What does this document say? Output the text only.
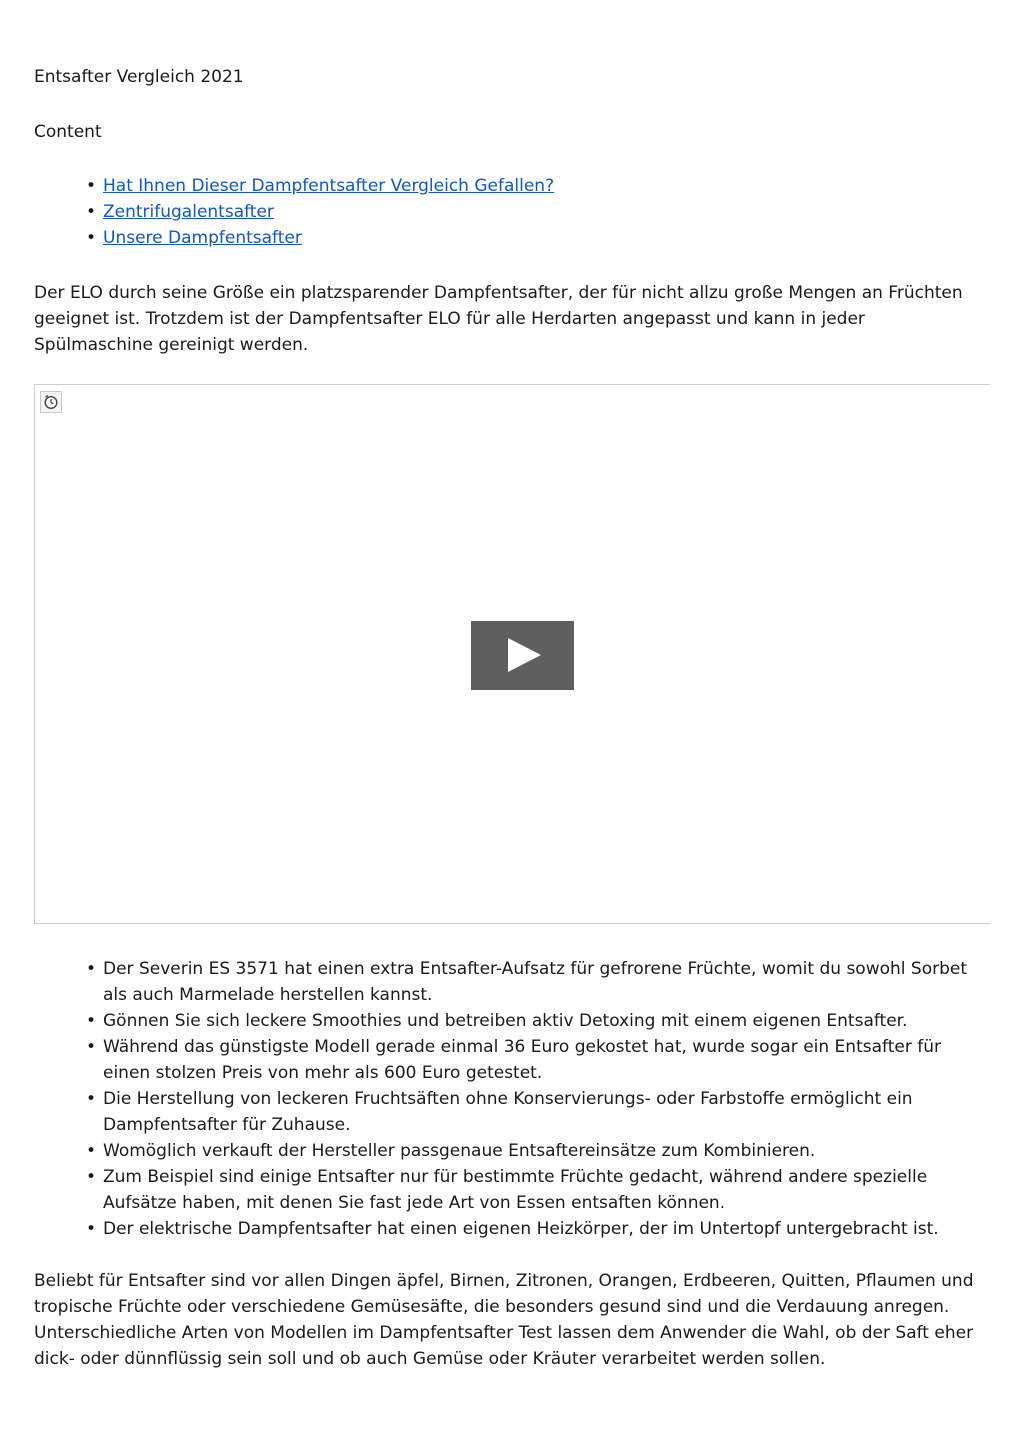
Entsafter Vergleich 2021

Content

• Hat Ihnen Dieser Dampfentsafter Vergleich Gefallen?
• Zentrifugalentsafter
• Unsere Dampfentsafter

Der ELO durch seine Größe ein platzsparender Dampfentsafter, der für nicht allzu große Mengen an Früchten geeignet ist. Trotzdem ist der Dampfentsafter ELO für alle Herdarten angepasst und kann in jeder Spülmaschine gereinigt werden.

• Der Severin ES 3571 hat einen extra Entsafter-Aufsatz für gefrorene Früchte, womit du sowohl Sorbet als auch Marmelade herstellen kannst.
• Gönnen Sie sich leckere Smoothies und betreiben aktiv Detoxing mit einem eigenen Entsafter.
• Während das günstigste Modell gerade einmal 36 Euro gekostet hat, wurde sogar ein Entsafter für einen stolzen Preis von mehr als 600 Euro getestet.
• Die Herstellung von leckeren Fruchtsäften ohne Konservierungs- oder Farbstoffe ermöglicht ein Dampfentsafter für Zuhause.
• Womöglich verkauft der Hersteller passgenaue Entsaftereinsätze zum Kombinieren.
• Zum Beispiel sind einige Entsafter nur für bestimmte Früchte gedacht, während andere spezielle Aufsätze haben, mit denen Sie fast jede Art von Essen entsaften können.
• Der elektrische Dampfentsafter hat einen eigenen Heizkörper, der im Untertopf untergebracht ist.

Beliebt für Entsafter sind vor allen Dingen äpfel, Birnen, Zitronen, Orangen, Erdbeeren, Quitten, Pflaumen und tropische Früchte oder verschiedene Gemüsesäfte, die besonders gesund sind und die Verdauung anregen. Unterschiedliche Arten von Modellen im Dampfentsafter Test lassen dem Anwender die Wahl, ob der Saft eher dick- oder dünnflüssig sein soll und ob auch Gemüse oder Kräuter verarbeitet werden sollen.
